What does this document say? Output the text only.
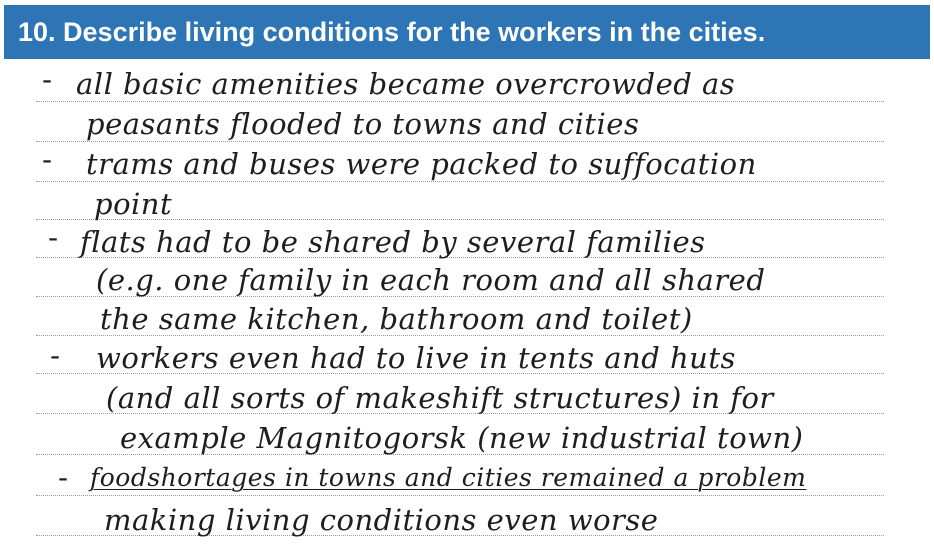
10. Describe living conditions for the workers in the cities.
-
-
-
-
-
all basic amenities became overcrowded as
peasants flooded to towns and cities
trams and buses were packed to suffocation
point
flats had to be shared by several families
(e.g. one family in each room and all shared
the same kitchen, bathroom and toilet)
workers even had to live in tents and huts
(and all sorts of makeshift structures) in for
example Magnitogorsk (new industrial town)
foodshortages in towns and cities remained a problem
making living conditions even worse
